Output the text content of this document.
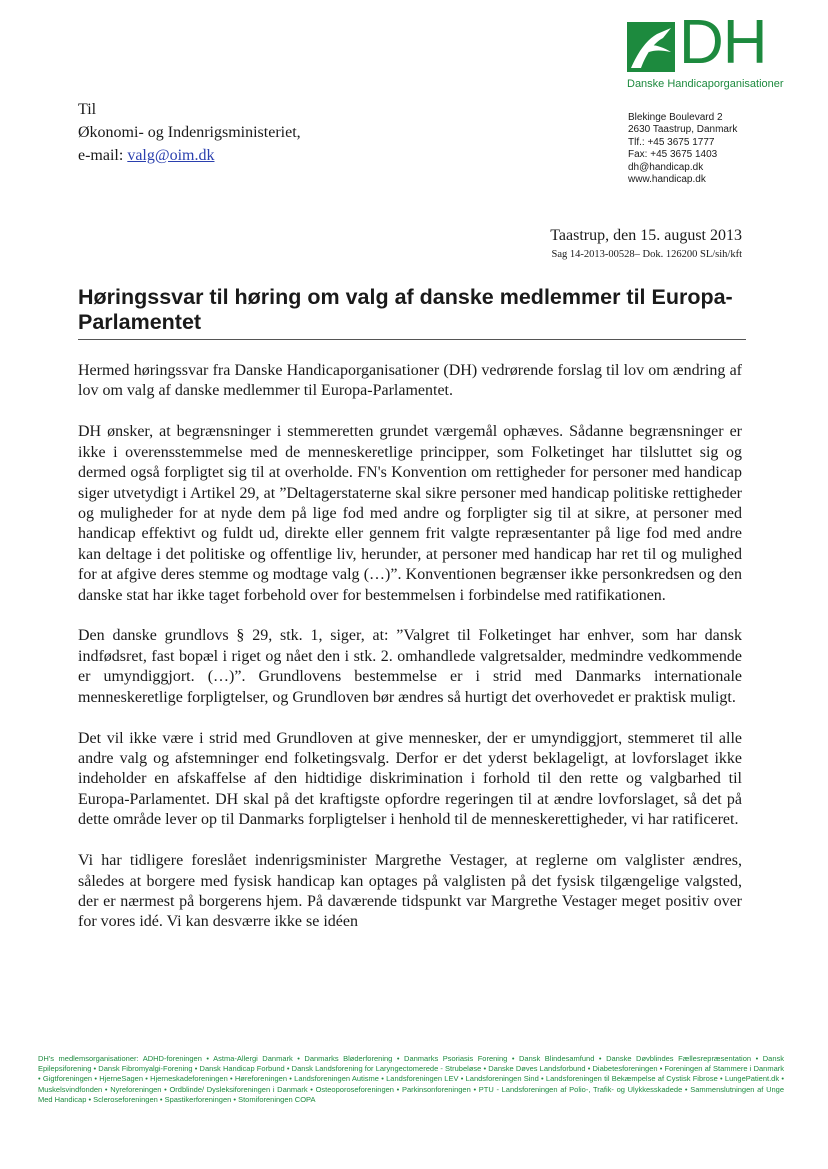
DH
Danske Handicaporganisationer
Blekinge Boulevard 2
2630 Taastrup, Danmark
Tlf.: +45 3675 1777
Fax: +45 3675 1403
dh@handicap.dk
www.handicap.dk
Til
Økonomi- og Indenrigsministeriet,
e-mail: valg@oim.dk
Taastrup, den 15. august 2013
Sag 14-2013-00528– Dok. 126200 SL/sih/kft
Høringssvar til høring om valg af danske medlemmer til Europa-Parlamentet

Hermed høringssvar fra Danske Handicaporganisationer (DH) vedrørende forslag til lov om ændring af lov om valg af danske medlemmer til Europa-Parlamentet.

DH ønsker, at begrænsninger i stemmeretten grundet værgemål ophæves. Sådanne begrænsninger er ikke i overensstemmelse med de menneskeretlige principper, som Folketinget har tilsluttet sig og dermed også forpligtet sig til at overholde. FN's Konvention om rettigheder for personer med handicap siger utvetydigt i Artikel 29, at ”Deltagerstaterne skal sikre personer med handicap politiske rettigheder og muligheder for at nyde dem på lige fod med andre og forpligter sig til at sikre, at personer med handicap effektivt og fuldt ud, direkte eller gennem frit valgte repræsentanter på lige fod med andre kan deltage i det politiske og offentlige liv, herunder, at personer med handicap har ret til og mulighed for at afgive deres stemme og modtage valg (…)”. Konventionen begrænser ikke personkredsen og den danske stat har ikke taget forbehold over for bestemmelsen i forbindelse med ratifikationen.

Den danske grundlovs § 29, stk. 1, siger, at: ”Valgret til Folketinget har enhver, som har dansk indfødsret, fast bopæl i riget og nået den i stk. 2. omhandlede valgretsalder, medmindre vedkommende er umyndiggjort. (…)”. Grundlovens bestemmelse er i strid med Danmarks internationale menneskeretlige forpligtelser, og Grundloven bør ændres så hurtigt det overhovedet er praktisk muligt.

Det vil ikke være i strid med Grundloven at give mennesker, der er umyndiggjort, stemmeret til alle andre valg og afstemninger end folketingsvalg. Derfor er det yderst beklageligt, at lovforslaget ikke indeholder en afskaffelse af den hidtidige diskrimination i forhold til den rette og valgbarhed til Europa-Parlamentet. DH skal på det kraftigste opfordre regeringen til at ændre lovforslaget, så det på dette område lever op til Danmarks forpligtelser i henhold til de menneskerettigheder, vi har ratificeret.

Vi har tidligere foreslået indenrigsminister Margrethe Vestager, at reglerne om valglister ændres, således at borgere med fysisk handicap kan optages på valglisten på det fysisk tilgængelige valgsted, der er nærmest på borgerens hjem. På daværende tidspunkt var Margrethe Vestager meget positiv over for vores idé. Vi kan desværre ikke se idéen

DH's medlemsorganisationer: ADHD-foreningen • Astma-Allergi Danmark • Danmarks Bløderforening • Danmarks Psoriasis Forening • Dansk Blindesamfund • Danske Døvblindes Fællesrepræsentation • Dansk Epilepsiforening • Dansk Fibromyalgi-Forening • Dansk Handicap Forbund • Dansk Landsforening for Laryngectomerede - Strubeløse • Danske Døves Landsforbund • Diabetesforeningen • Foreningen af Stammere i Danmark • Gigtforeningen • HjerneSagen • Hjerneskadeforeningen • Høreforeningen • Landsforeningen Autisme • Landsforeningen LEV • Landsforeningen Sind • Landsforeningen til Bekæmpelse af Cystisk Fibrose • LungePatient.dk • Muskelsvindfonden • Nyreforeningen • Ordblinde/ Dysleksiforeningen i Danmark • Osteoporoseforeningen • Parkinsonforeningen • PTU - Landsforeningen af Polio-, Trafik- og Ulykkesskadede • Sammenslutningen af Unge Med Handicap • Scleroseforeningen • Spastikerforeningen • Stomiforeningen COPA
